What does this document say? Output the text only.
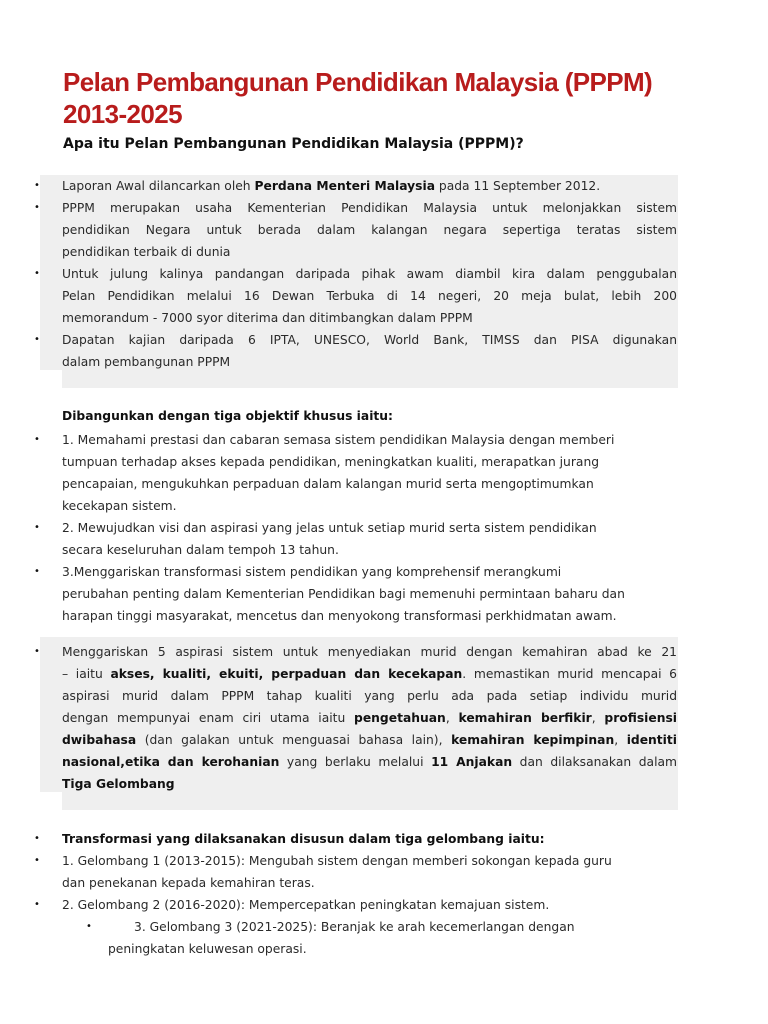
Pelan Pembangunan Pendidikan Malaysia (PPPM) 2013-2025
Apa itu Pelan Pembangunan Pendidikan Malaysia (PPPM)?
• Laporan Awal dilancarkan oleh Perdana Menteri Malaysia pada 11 September 2012.
• PPPM merupakan usaha Kementerian Pendidikan Malaysia untuk melonjakkan sistem
pendidikan Negara untuk berada dalam kalangan negara sepertiga teratas sistem
pendidikan terbaik di dunia
• Untuk julung kalinya pandangan daripada pihak awam diambil kira dalam penggubalan
Pelan Pendidikan melalui 16 Dewan Terbuka di 14 negeri, 20 meja bulat, lebih 200
memorandum - 7000 syor diterima dan ditimbangkan dalam PPPM
• Dapatan kajian daripada 6 IPTA, UNESCO, World Bank, TIMSS dan PISA digunakan
dalam pembangunan PPPM
Dibangunkan dengan tiga objektif khusus iaitu:
• 1. Memahami prestasi dan cabaran semasa sistem pendidikan Malaysia dengan memberi
tumpuan terhadap akses kepada pendidikan, meningkatkan kualiti, merapatkan jurang
pencapaian, mengukuhkan perpaduan dalam kalangan murid serta mengoptimumkan
kecekapan sistem.
• 2. Mewujudkan visi dan aspirasi yang jelas untuk setiap murid serta sistem pendidikan
secara keseluruhan dalam tempoh 13 tahun.
• 3.Menggariskan transformasi sistem pendidikan yang komprehensif merangkumi
perubahan penting dalam Kementerian Pendidikan bagi memenuhi permintaan baharu dan
harapan tinggi masyarakat, mencetus dan menyokong transformasi perkhidmatan awam.
• Menggariskan 5 aspirasi sistem untuk menyediakan murid dengan kemahiran abad ke 21
– iaitu akses, kualiti, ekuiti, perpaduan dan kecekapan. memastikan murid mencapai 6
aspirasi murid dalam PPPM tahap kualiti yang perlu ada pada setiap individu murid
dengan mempunyai enam ciri utama iaitu pengetahuan, kemahiran berfikir, profisiensi
dwibahasa (dan galakan untuk menguasai bahasa lain), kemahiran kepimpinan, identiti
nasional,etika dan kerohanian yang berlaku melalui 11 Anjakan dan dilaksanakan dalam
Tiga Gelombang
• Transformasi yang dilaksanakan disusun dalam tiga gelombang iaitu:
• 1. Gelombang 1 (2013-2015): Mengubah sistem dengan memberi sokongan kepada guru
dan penekanan kepada kemahiran teras.
• 2. Gelombang 2 (2016-2020): Mempercepatkan peningkatan kemajuan sistem.
•	3. Gelombang 3 (2021-2025): Beranjak ke arah kecemerlangan dengan
peningkatan keluwesan operasi.
